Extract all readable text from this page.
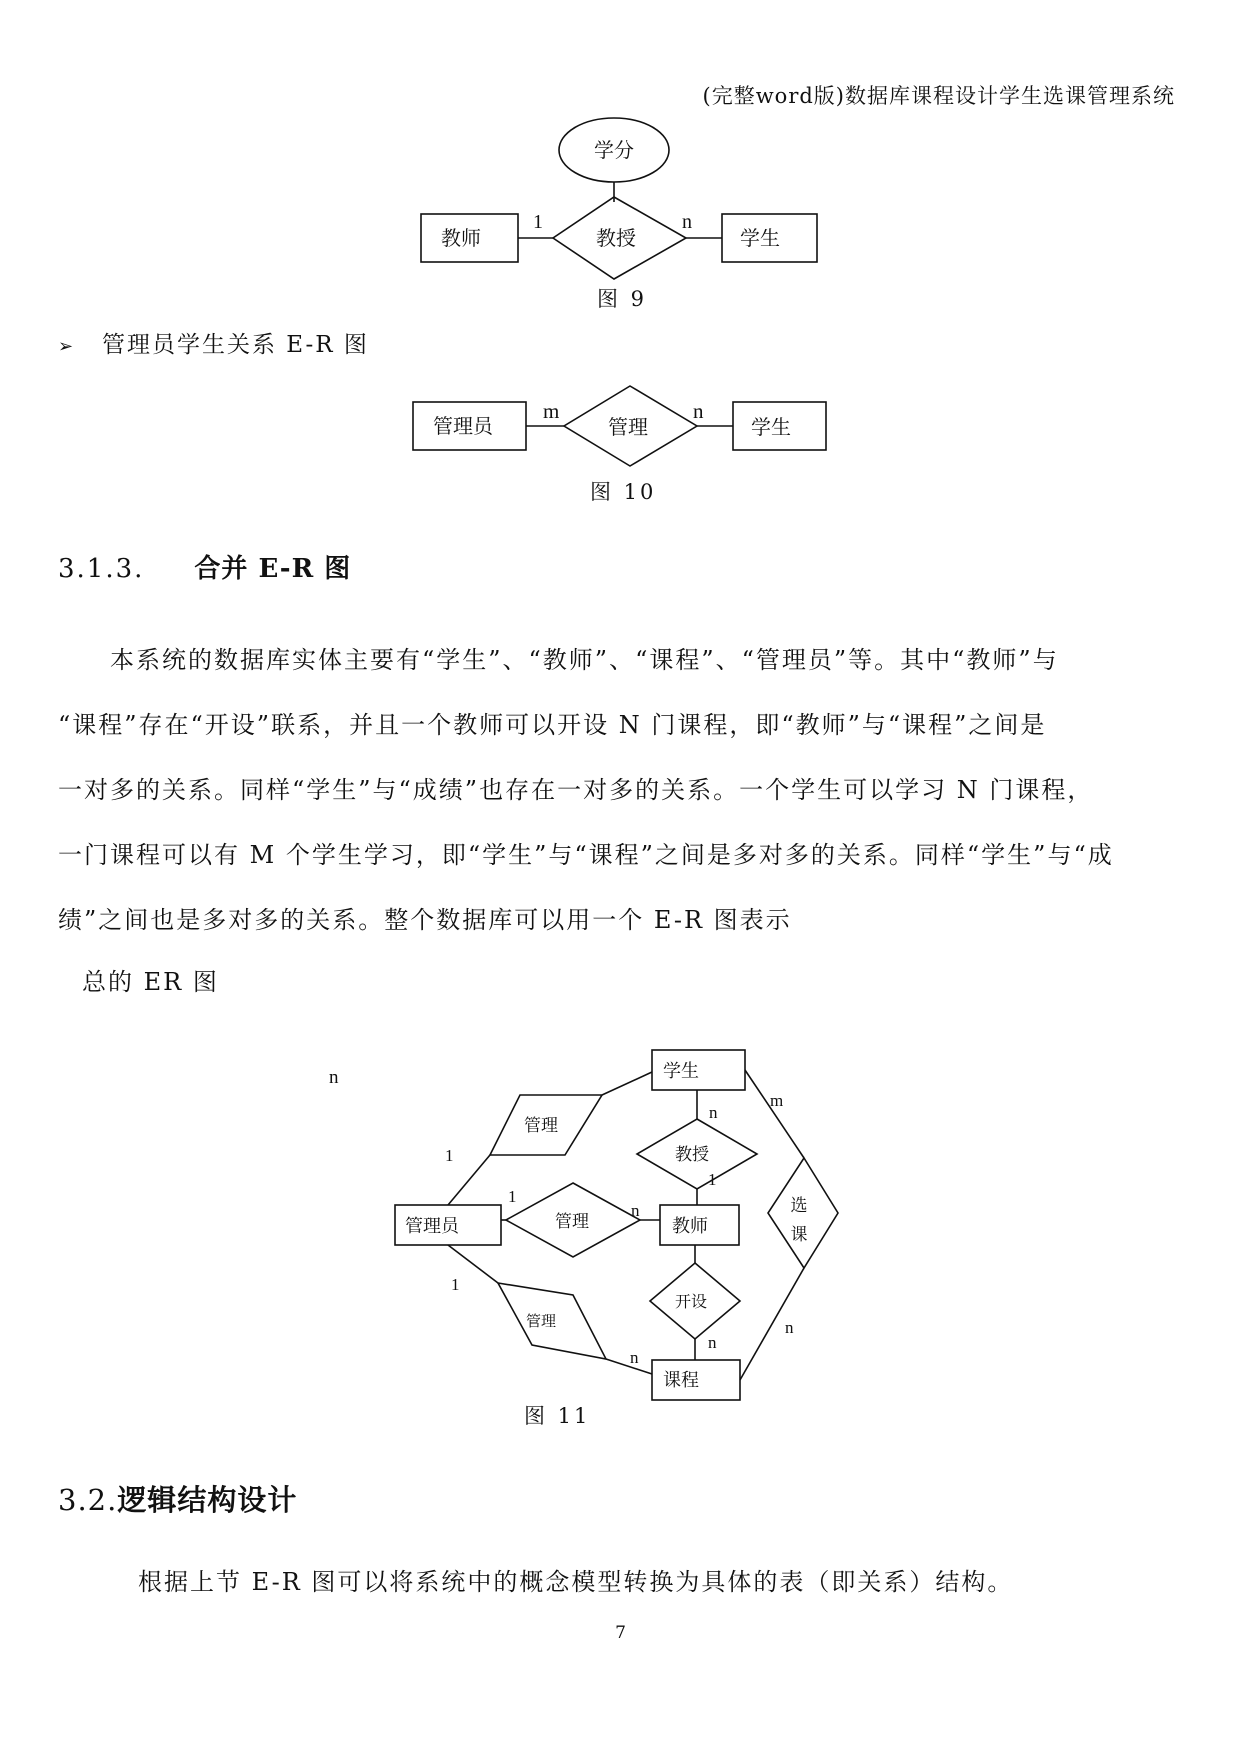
(完整word版)数据库课程设计学生选课管理系统
学分
教师	教授	学生
1	n
管理员	管理	学生
m	n
学生
管理员	教师
课程
教授
管理
管理
管理
开设
选
课
n
1
1
1
n
n
1
m
n
n
n
图 9
➢ 管理员学生关系 E-R 图
图 10
3.1.3. 合并 E-R 图
本系统的数据库实体主要有“学生”、“教师”、“课程”、“管理员”等。其中“教师”与
“课程”存在“开设”联系，并且一个教师可以开设 N 门课程，即“教师”与“课程”之间是
一对多的关系。同样“学生”与“成绩”也存在一对多的关系。一个学生可以学习 N 门课程，
一门课程可以有 M 个学生学习，即“学生”与“课程”之间是多对多的关系。同样“学生”与“成
绩”之间也是多对多的关系。整个数据库可以用一个 E-R 图表示
总的 ER 图
图 11
3.2.逻辑结构设计
根据上节 E-R 图可以将系统中的概念模型转换为具体的表（即关系）结构。
7
